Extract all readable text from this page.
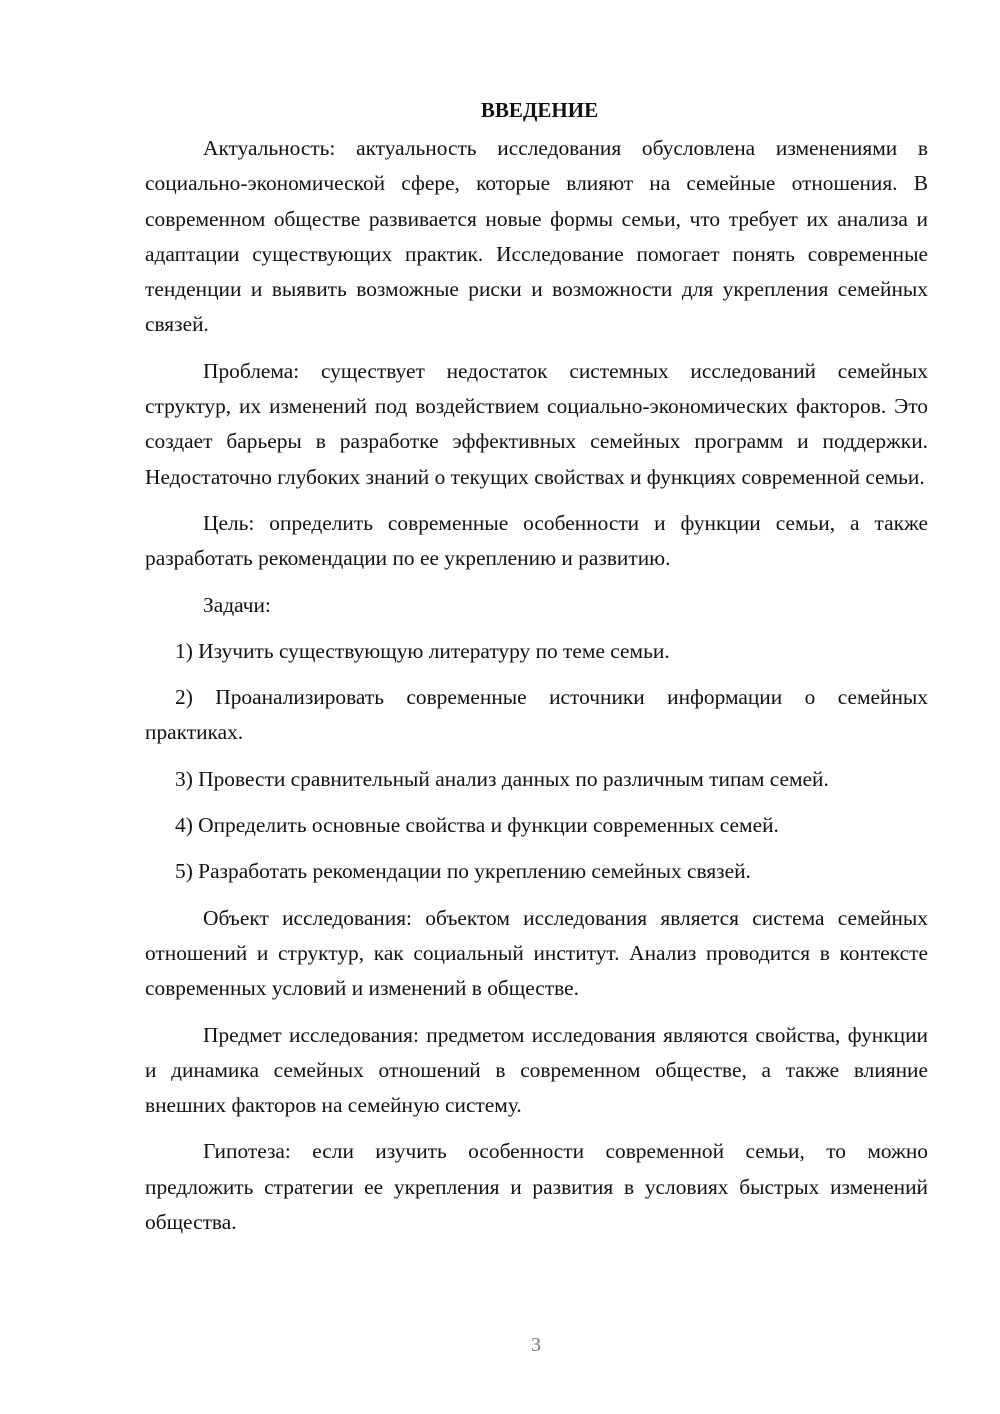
ВВЕДЕНИЕ

Актуальность: актуальность исследования обусловлена изменениями в социально-экономической сфере, которые влияют на семейные отношения. В современном обществе развивается новые формы семьи, что требует их анализа и адаптации существующих практик. Исследование помогает понять современные тенденции и выявить возможные риски и возможности для укрепления семейных связей.

Проблема: существует недостаток системных исследований семейных структур, их изменений под воздействием социально-экономических факторов. Это создает барьеры в разработке эффективных семейных программ и поддержки. Недостаточно глубоких знаний о текущих свойствах и функциях современной семьи.

Цель: определить современные особенности и функции семьи, а также разработать рекомендации по ее укреплению и развитию.

Задачи:

1) Изучить существующую литературу по теме семьи.

2) Проанализировать современные источники информации о семейных практиках.

3) Провести сравнительный анализ данных по различным типам семей.

4) Определить основные свойства и функции современных семей.

5) Разработать рекомендации по укреплению семейных связей.

Объект исследования: объектом исследования является система семейных отношений и структур, как социальный институт. Анализ проводится в контексте современных условий и изменений в обществе.

Предмет исследования: предметом исследования являются свойства, функции и динамика семейных отношений в современном обществе, а также влияние внешних факторов на семейную систему.

Гипотеза: если изучить особенности современной семьи, то можно предложить стратегии ее укрепления и развития в условиях быстрых изменений общества.

3
